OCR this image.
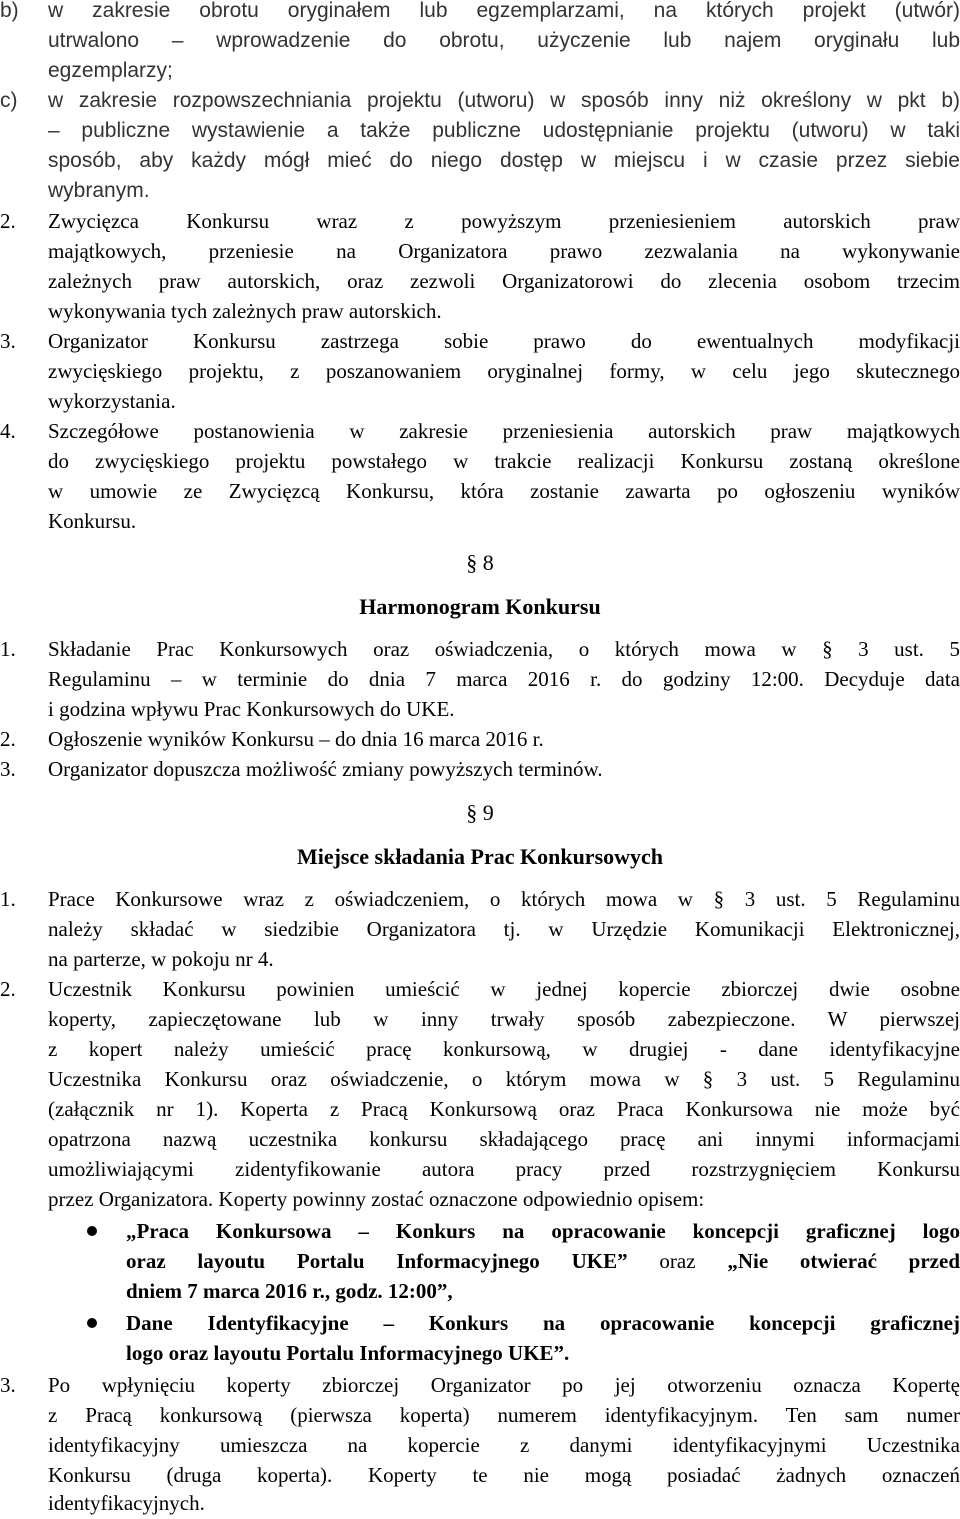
b) w zakresie obrotu oryginałem lub egzemplarzami, na których projekt (utwór)
utrwalono – wprowadzenie do obrotu, użyczenie lub najem oryginału lub
egzemplarzy;
c) w zakresie rozpowszechniania projektu (utworu) w sposób inny niż określony w pkt b)
– publiczne wystawienie a także publiczne udostępnianie projektu (utworu) w taki
sposób, aby każdy mógł mieć do niego dostęp w miejscu i w czasie przez siebie
wybranym.
2. Zwycięzca Konkursu wraz z powyższym przeniesieniem autorskich praw
majątkowych, przeniesie na Organizatora prawo zezwalania na wykonywanie
zależnych praw autorskich, oraz zezwoli Organizatorowi do zlecenia osobom trzecim
wykonywania tych zależnych praw autorskich.
3. Organizator Konkursu zastrzega sobie prawo do ewentualnych modyfikacji
zwycięskiego projektu, z poszanowaniem oryginalnej formy, w celu jego skutecznego
wykorzystania.
4. Szczegółowe postanowienia w zakresie przeniesienia autorskich praw majątkowych
do zwycięskiego projektu powstałego w trakcie realizacji Konkursu zostaną określone
w umowie ze Zwycięzcą Konkursu, która zostanie zawarta po ogłoszeniu wyników
Konkursu.
§ 8
Harmonogram Konkursu
1. Składanie Prac Konkursowych oraz oświadczenia, o których mowa w § 3 ust. 5
Regulaminu – w terminie do dnia 7 marca 2016 r. do godziny 12:00. Decyduje data
i godzina wpływu Prac Konkursowych do UKE.
2. Ogłoszenie wyników Konkursu – do dnia 16 marca 2016 r.
3. Organizator dopuszcza możliwość zmiany powyższych terminów.
§ 9
Miejsce składania Prac Konkursowych
1. Prace Konkursowe wraz z oświadczeniem, o których mowa w § 3 ust. 5 Regulaminu
należy składać w siedzibie Organizatora tj. w Urzędzie Komunikacji Elektronicznej,
na parterze, w pokoju nr 4.
2. Uczestnik Konkursu powinien umieścić w jednej kopercie zbiorczej dwie osobne
koperty, zapieczętowane lub w inny trwały sposób zabezpieczone. W pierwszej
z kopert należy umieścić pracę konkursową, w drugiej - dane identyfikacyjne
Uczestnika Konkursu oraz oświadczenie, o którym mowa w § 3 ust. 5 Regulaminu
(załącznik nr 1). Koperta z Pracą Konkursową oraz Praca Konkursowa nie może być
opatrzona nazwą uczestnika konkursu składającego pracę ani innymi informacjami
umożliwiającymi zidentyfikowanie autora pracy przed rozstrzygnięciem Konkursu
przez Organizatora. Koperty powinny zostać oznaczone odpowiednio opisem:
„Praca Konkursowa – Konkurs na opracowanie koncepcji graficznej logo
oraz layoutu Portalu Informacyjnego UKE” oraz „Nie otwierać przed
dniem 7 marca 2016 r., godz. 12:00”,
Dane Identyfikacyjne – Konkurs na opracowanie koncepcji graficznej
logo oraz layoutu Portalu Informacyjnego UKE”.
3. Po wpłynięciu koperty zbiorczej Organizator po jej otworzeniu oznacza Kopertę
z Pracą konkursową (pierwsza koperta) numerem identyfikacyjnym. Ten sam numer
identyfikacyjny umieszcza na kopercie z danymi identyfikacyjnymi Uczestnika
Konkursu (druga koperta). Koperty te nie mogą posiadać żadnych oznaczeń
identyfikacyjnych.
